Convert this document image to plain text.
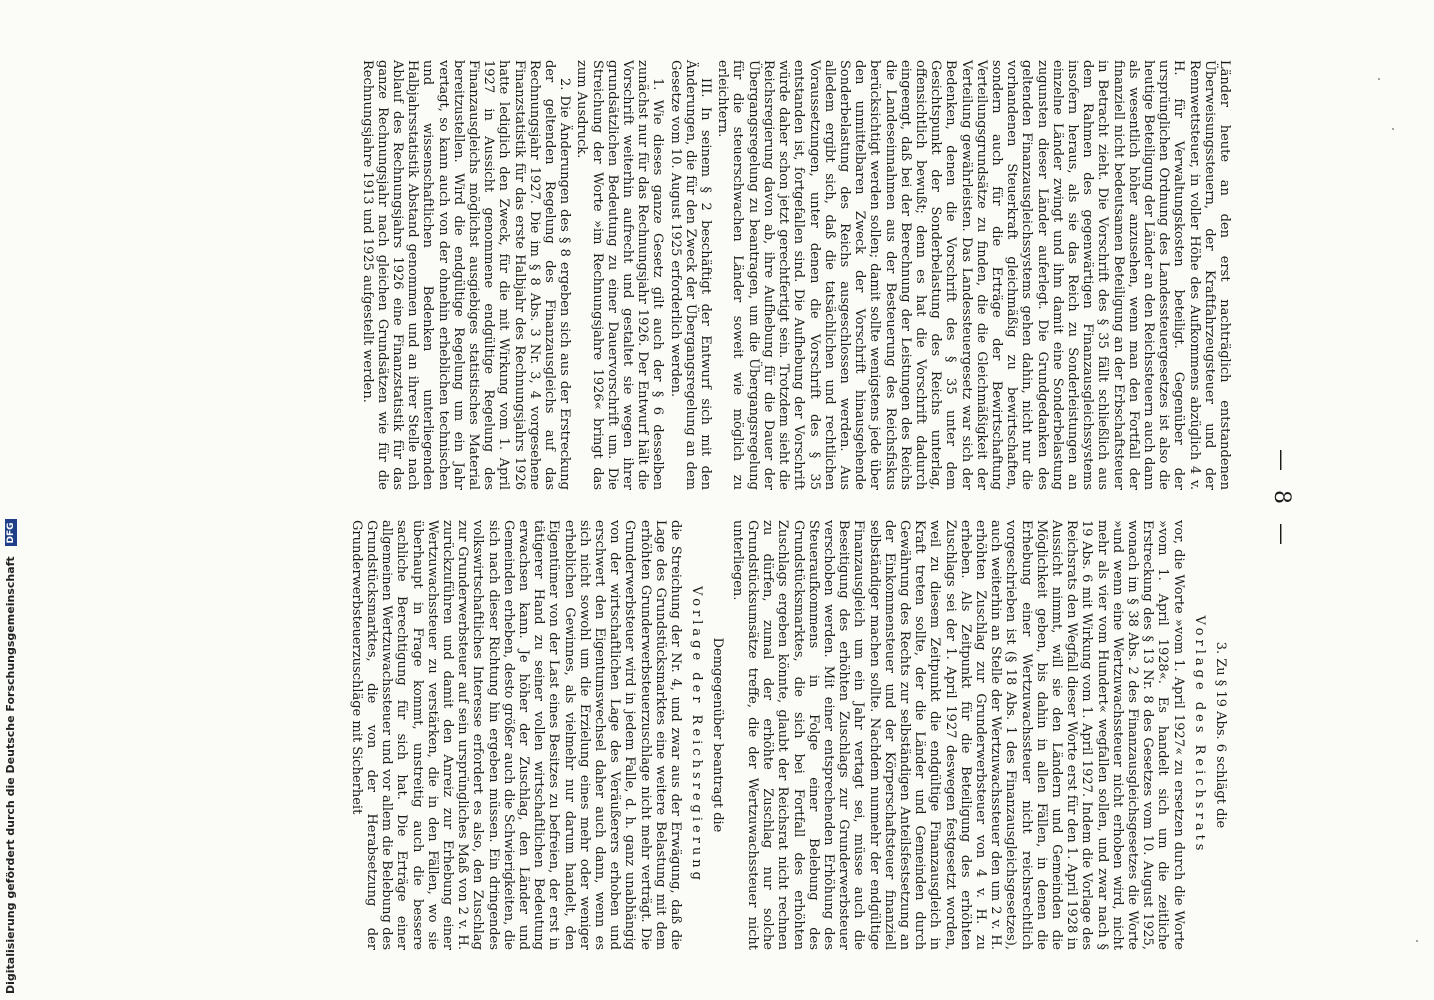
— 8 —

Länder heute an den erst nachträglich entstandenen Überweisungssteuern, der Kraftfahrzeugsteuer und der Rennwettsteuer, in voller Höhe des Aufkommens abzüglich 4 v. H. für Verwaltungskosten beteiligt. Gegenüber der ursprünglichen Ordnung des Landessteuergesetzes ist also die heutige Beteiligung der Länder an den Reichssteuern auch dann als wesentlich höher anzusehen, wenn man den Fortfall der finanziell nicht bedeutsamen Beteiligung an der Erbschaftsteuer in Betracht zieht. Die Vorschrift des § 35 fällt schließlich aus dem Rahmen des gegenwärtigen Finanzausgleichssystems insofern heraus, als sie das Reich zu Sonderleistungen an einzelne Länder zwingt und ihm damit eine Sonderbelastung zugunsten dieser Länder auferlegt. Die Grundgedanken des geltenden Finanzausgleichssystems gehen dahin, nicht nur die vorhandenen Steuerkraft gleichmäßig zu bewirtschaften, sondern auch für die Erträge der Bewirtschaftung Verteilungsgrundsätze zu finden, die die Gleichmäßigkeit der Verteilung gewährleisten. Das Landessteuergesetz war sich der Bedenken, denen die Vorschrift des § 35 unter dem Gesichtspunkt der Sonderbelastung des Reichs unterlag, offensichtlich bewußt; denn es hat die Vorschrift dadurch eingeengt, daß bei der Berechnung der Leistungen des Reichs die Landeseinnahmen aus der Besteuerung des Reichsfiskus berücksichtigt werden sollen; damit sollte wenigstens jede über den unmittelbaren Zweck der Vorschrift hinausgehende Sonderbelastung des Reichs ausgeschlossen werden. Aus alledem ergibt sich, daß die tatsächlichen und rechtlichen Voraussetzungen, unter denen die Vorschrift des § 35 entstanden ist, fortgefallen sind. Die Aufhebung der Vorschrift würde daher schon jetzt gerechtfertigt sein. Trotzdem sieht die Reichsregierung davon ab, ihre Aufhebung für die Dauer der Übergangsregelung zu beantragen, um die Übergangsregelung für die steuerschwachen Länder soweit wie möglich zu erleichtern.

III. In seinem § 2 beschäftigt der Entwurf sich mit den Änderungen, die für den Zweck der Übergangsregelung an dem Gesetze vom 10. August 1925 erforderlich werden.

1. Wie dieses ganze Gesetz gilt auch der § 6 desselben zunächst nur für das Rechnungsjahr 1926. Der Entwurf hält die Vorschrift weiterhin aufrecht und gestaltet sie wegen ihrer grundsätzlichen Bedeutung zu einer Dauervorschrift um. Die Streichung der Worte »im Rechnungsjahre 1926« bringt das zum Ausdruck.

2. Die Änderungen des § 8 ergeben sich aus der Erstreckung der geltenden Regelung des Finanzausgleichs auf das Rechnungsjahr 1927. Die im § 8 Abs. 3 Nr. 3, 4 vorgesehene Finanzstatistik für das erste Halbjahr des Rechnungsjahrs 1926 hatte lediglich den Zweck, für die mit Wirkung vom 1. April 1927 in Aussicht genommene endgültige Regelung des Finanzausgleichs möglichst ausgiebiges statistisches Material bereitzustellen. Wird die endgültige Regelung um ein Jahr vertagt, so kann auch von der ohnehin erheblichen technischen und wissenschaftlichen Bedenken unterliegenden Halbjahrsstatistik Abstand genommen und an ihrer Stelle nach Ablauf des Rechnungsjahrs 1926 eine Finanzstatistik für das ganze Rechnungsjahr nach gleichen Grundsätzen wie für die Rechnungsjahre 1913 und 1925 aufgestellt werden.

3. Zu § 19 Abs. 6 schlägt die

Vorlage des Reichsrats

vor, die Worte »vom 1. April 1927« zu ersetzen durch die Worte »vom 1. April 1928«. Es handelt sich um die zeitliche Erstreckung des § 13 Nr. 8 des Gesetzes vom 10. August 1925, wonach im § 38 Abs. 2 des Finanzausgleichsgesetzes die Worte »und wenn eine Wertzuwachssteuer nicht erhoben wird, nicht mehr als vier vom Hundert« wegfallen sollen, und zwar nach § 19 Abs. 6 mit Wirkung vom 1. April 1927. Indem die Vorlage des Reichsrats den Wegfall dieser Worte erst für den 1. April 1928 in Aussicht nimmt, will sie den Ländern und Gemeinden die Möglichkeit geben, bis dahin in allen Fällen, in denen die Erhebung einer Wertzuwachssteuer nicht reichsrechtlich vorgeschrieben ist (§ 18 Abs. 1 des Finanzausgleichsgesetzes), auch weiterhin an Stelle der Wertzuwachssteuer den um 2 v. H. erhöhten Zuschlag zur Grunderwerbsteuer von 4 v. H. zu erheben. Als Zeitpunkt für die Beteiligung des erhöhten Zuschlags sei der 1. April 1927 deswegen festgesetzt worden, weil zu diesem Zeitpunkt die endgültige Finanzausgleich in Kraft treten sollte, der die Länder und Gemeinden durch Gewährung des Rechts zur selbständigen Anteilsfestsetzung an der Einkommensteuer und der Körperschaftsteuer finanziell selbständiger machen sollte. Nachdem nunmehr der endgültige Finanzausgleich um ein Jahr vertagt sei, müsse auch die Beseitigung des erhöhten Zuschlags zur Grunderwerbsteuer verschoben werden. Mit einer entsprechenden Erhöhung des Steueraufkommens in Folge einer Belebung des Grundstücksmarktes, die sich bei Fortfall des erhöhten Zuschlags ergeben könnte, glaubt der Reichsrat nicht rechnen zu dürfen, zumal der erhöhte Zuschlag nur solche Grundstücksumsätze treffe, die der Wertzuwachssteuer nicht unterliegen.

Demgegenüber beantragt die

Vorlage der Reichsregierung

die Streichung der Nr. 4, und zwar aus der Erwägung, daß die Lage des Grundstücksmarktes eine weitere Belastung mit dem erhöhten Grunderwerbsteuerzuschlage nicht mehr verträgt. Die Grunderwerbsteuer wird in jedem Falle, d. h. ganz unabhängig von der wirtschaftlichen Lage des Veräußerers erhoben und erschwert den Eigentumswechsel daher auch dann, wenn es sich nicht sowohl um die Erzielung eines mehr oder weniger erheblichen Gewinnes, als vielmehr nur darum handelt, den Eigentümer von der Last eines Besitzes zu befreien, der erst in tätigerer Hand zu seiner vollen wirtschaftlichen Bedeutung erwachsen kann. Je höher der Zuschlag, den Länder und Gemeinden erheben, desto größer auch die Schwierigkeiten, die sich nach dieser Richtung hin ergeben müssen. Ein dringendes volkswirtschaftliches Interesse erfordert es also, den Zuschlag zur Grunderwerbsteuer auf sein ursprüngliches Maß von 2 v. H. zurückzuführen und damit den Anreiz zur Erhebung einer Wertzuwachssteuer zu verstärken, die in den Fällen, wo sie überhaupt in Frage kommt, unstreitig auch die bessere sachliche Berechtigung für sich hat. Die Erträge einer allgemeinen Wertzuwachssteuer und vor allem die Belebung des Grundstücksmarktes, die von der Herabsetzung der Grunderwerbsteuerzuschläge mit Sicherheit

Digitalisierung gefördert durch die Deutsche Forschungsgemeinschaft DFG
